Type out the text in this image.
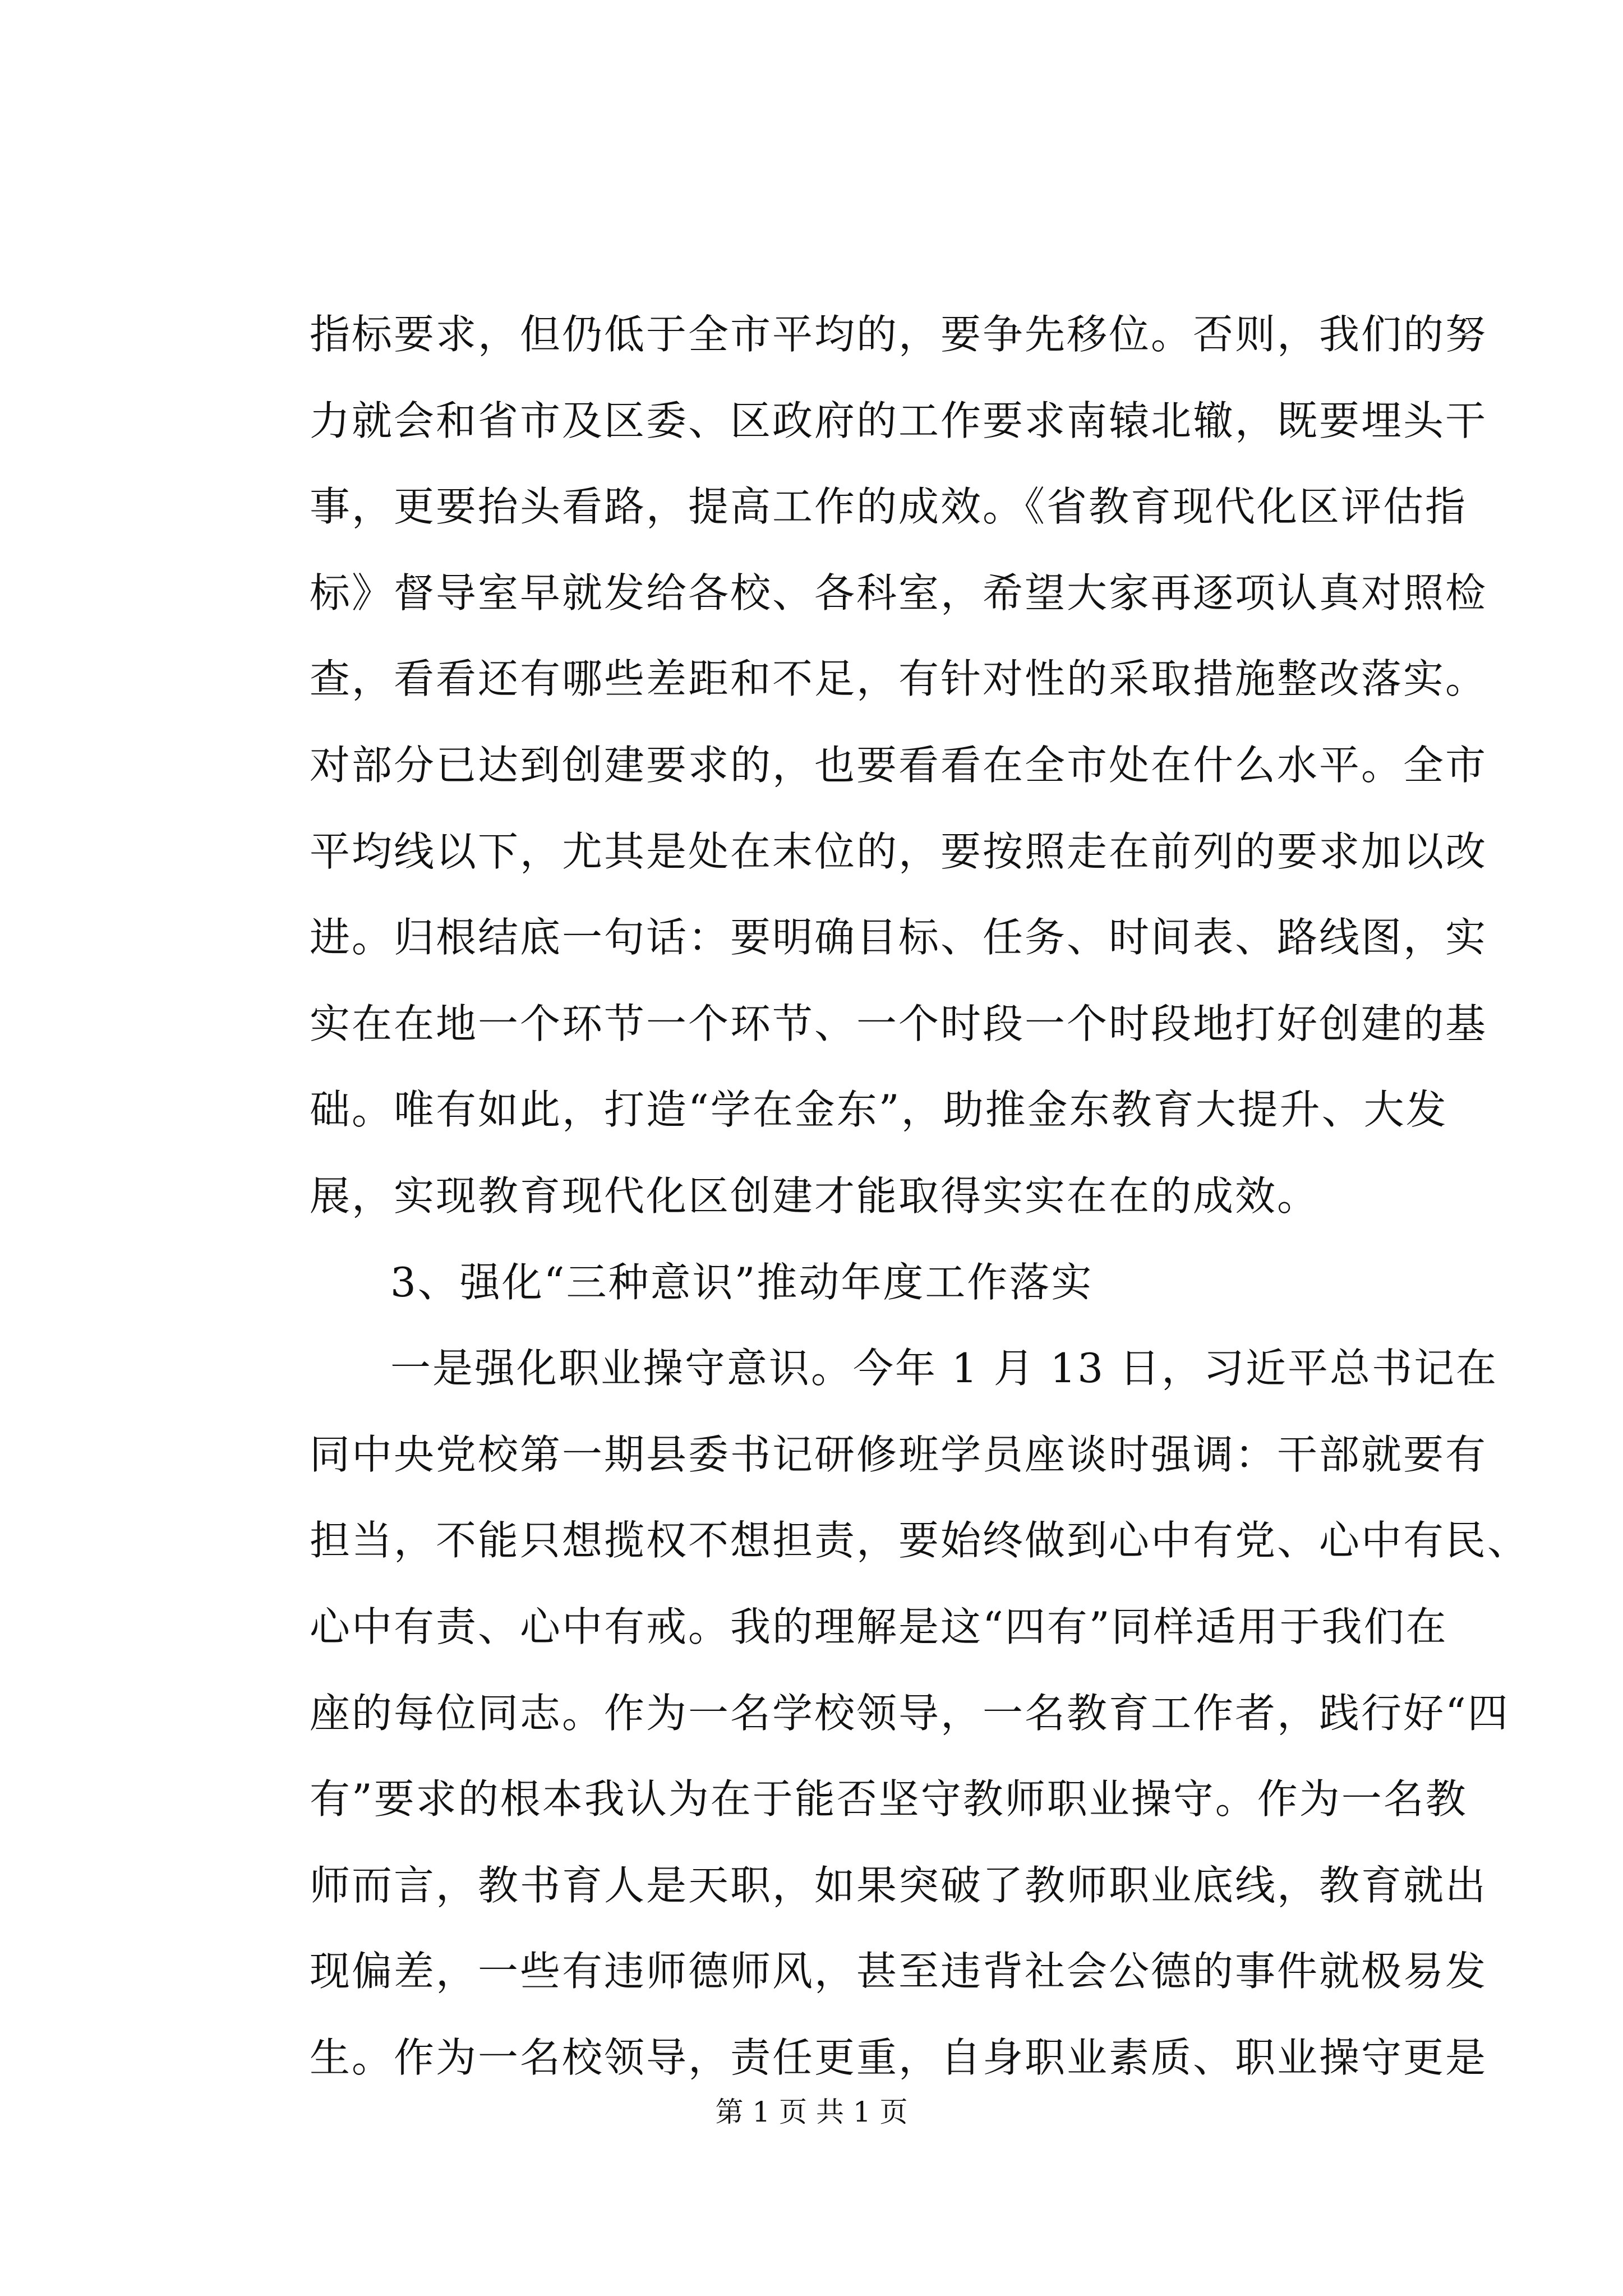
指标要求，但仍低于全市平均的，要争先移位。否则，我们的努
力就会和省市及区委、区政府的工作要求南辕北辙，既要埋头干
事，更要抬头看路，提高工作的成效。《省教育现代化区评估指
标》督导室早就发给各校、各科室，希望大家再逐项认真对照检
查，看看还有哪些差距和不足，有针对性的采取措施整改落实。
对部分已达到创建要求的，也要看看在全市处在什么水平。全市
平均线以下，尤其是处在末位的，要按照走在前列的要求加以改
进。归根结底一句话：要明确目标、任务、时间表、路线图，实
实在在地一个环节一个环节、一个时段一个时段地打好创建的基
础。唯有如此，打造“学在金东”，助推金东教育大提升、大发
展，实现教育现代化区创建才能取得实实在在的成效。
3、强化“三种意识”推动年度工作落实
一是强化职业操守意识。今年 1 月 13 日，习近平总书记在
同中央党校第一期县委书记研修班学员座谈时强调：干部就要有
担当，不能只想揽权不想担责，要始终做到心中有党、心中有民、
心中有责、心中有戒。我的理解是这“四有”同样适用于我们在
座的每位同志。作为一名学校领导，一名教育工作者，践行好“四
有”要求的根本我认为在于能否坚守教师职业操守。作为一名教
师而言，教书育人是天职，如果突破了教师职业底线，教育就出
现偏差，一些有违师德师风，甚至违背社会公德的事件就极易发
生。作为一名校领导，责任更重，自身职业素质、职业操守更是
第 1 页 共 1 页
